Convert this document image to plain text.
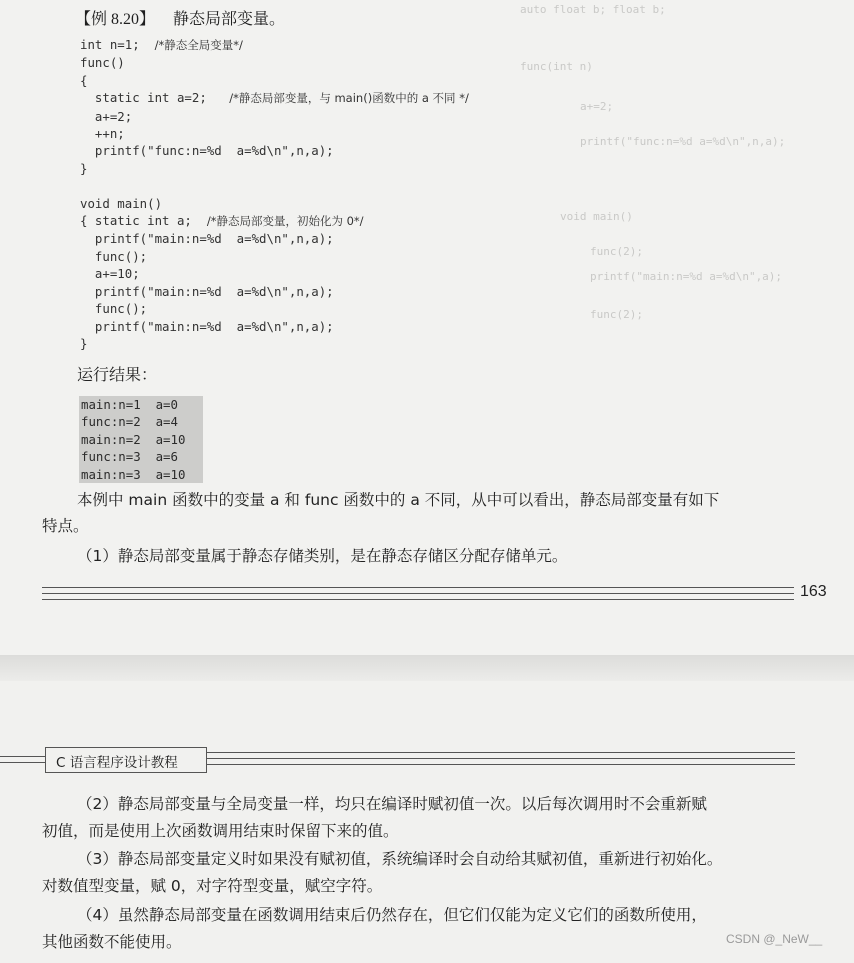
auto float b; float b;
func(int n)
a+=2;
printf("func:n=%d a=%d\n",n,a);
void main()
func(2);
printf("main:n=%d a=%d\n",a);
func(2);
【例 8.20】 静态局部变量。
int n=1;  /*静态全局变量*/
func()
{
static int a=2;   /*静态局部变量，与 main()函数中的 a 不同 */
a+=2;
++n;
printf("func:n=%d  a=%d\n",n,a);
}

void main()
{ static int a;  /*静态局部变量，初始化为 0*/
printf("main:n=%d  a=%d\n",n,a);
func();
a+=10;
printf("main:n=%d  a=%d\n",n,a);
func();
printf("main:n=%d  a=%d\n",n,a);
}
运行结果：
main:n=1  a=0
func:n=2  a=4
main:n=2  a=10
func:n=3  a=6
main:n=3  a=10
本例中 main 函数中的变量 a 和 func 函数中的 a 不同，从中可以看出，静态局部变量有如下
特点。
（1）静态局部变量属于静态存储类别，是在静态存储区分配存储单元。
163
C 语言程序设计教程
（2）静态局部变量与全局变量一样，均只在编译时赋初值一次。以后每次调用时不会重新赋
初值，而是使用上次函数调用结束时保留下来的值。
（3）静态局部变量定义时如果没有赋初值，系统编译时会自动给其赋初值，重新进行初始化。
对数值型变量，赋 0，对字符型变量，赋空字符。
（4）虽然静态局部变量在函数调用结束后仍然存在，但它们仅能为定义它们的函数所使用，
其他函数不能使用。	CSDN @_NeW__
